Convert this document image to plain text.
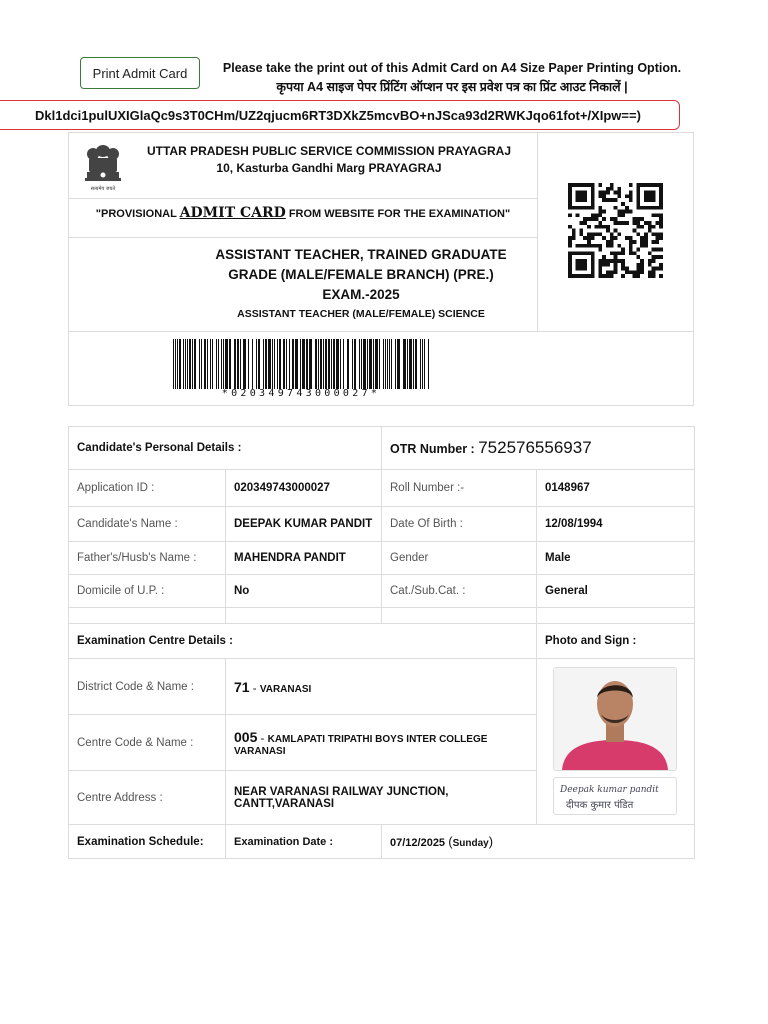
Print Admit Card	Please take the print out of this Admit Card on A4 Size Paper Printing Option.
कृपया A4 साइज पेपर प्रिंटिंग ऑप्शन पर इस प्रवेश पत्र का प्रिंट आउट निकालें |
Dkl1dci1pulUXIGlaQc9s3T0CHm/UZ2qjucm6RT3DXkZ5mcvBO+nJSca93d2RWKJqo61fot+/XIpw==)
सत्यमेव जयते
UTTAR PRADESH PUBLIC SERVICE COMMISSION PRAYAGRAJ
10, Kasturba Gandhi Marg PRAYAGRAJ
"PROVISIONAL ADMIT CARD FROM WEBSITE FOR THE EXAMINATION"
ASSISTANT TEACHER, TRAINED GRADUATE
GRADE (MALE/FEMALE BRANCH) (PRE.)
EXAM.-2025
ASSISTANT TEACHER (MALE/FEMALE) SCIENCE
*020349743000027*
Candidate's Personal Details :		OTR Number : 752576556937	
Application ID :	020349743000027	Roll Number :-	0148967
Candidate's Name :	DEEPAK KUMAR PANDIT	Date Of Birth :	12/08/1994
Father's/Husb's Name :	MAHENDRA PANDIT	Gender	Male
Domicile of U.P. :	No	Cat./Sub.Cat. :	General

Examination Centre Details :			Photo and Sign :
District Code & Name :	71 - VARANASI		Deepak kumar pandit
दीपक कुमार पंडित

Centre Code & Name :	005 - KAMLAPATI TRIPATHI BOYS INTER COLLEGE VARANASI		
Centre Address :	NEAR VARANASI RAILWAY JUNCTION, CANTT,VARANASI		
Examination Schedule:	Examination Date :	07/12/2025 (Sunday)	
